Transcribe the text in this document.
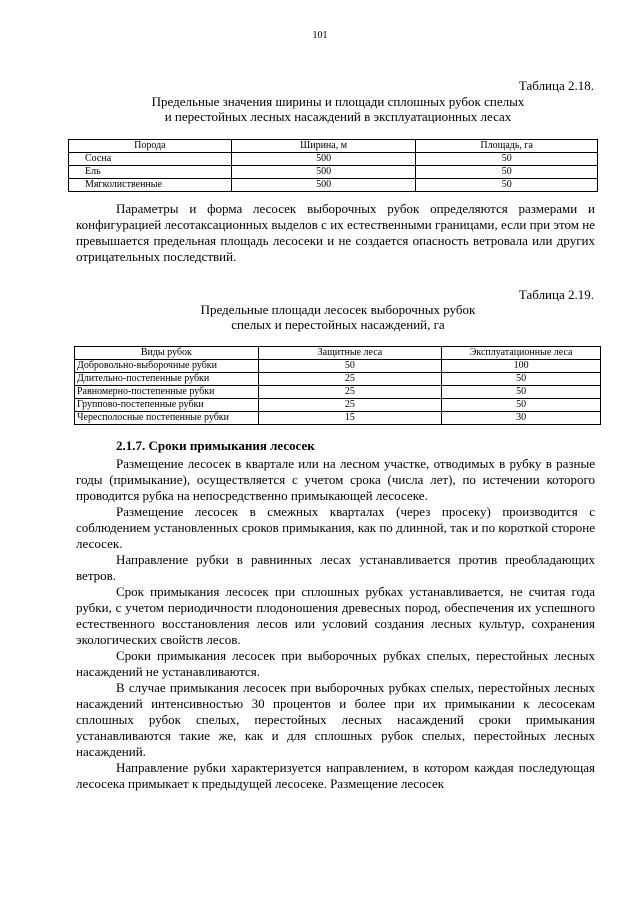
101
Таблица 2.18.
Предельные значения ширины и площади сплошных рубок спелых
и перестойных лесных насаждений в эксплуатационных лесах
Порода	Ширина, м	Площадь, га
Сосна	500	50
Ель	500	50
Мягколиственные	500	50

Параметры и форма лесосек выборочных рубок определяются размерами и конфигурацией лесотаксационных выделов с их естественными границами, если при этом не превышается предельная площадь лесосеки и не создается опасность ветровала или других отрицательных последствий.

Таблица 2.19.
Предельные площади лесосек выборочных рубок
спелых и перестойных насаждений, га
Виды рубок	Защитные леса	Эксплуатационные леса
Добровольно-выборочные рубки	50	100
Длительно-постепенные рубки	25	50
Равномерно-постепенные рубки	25	50
Группово-постепенные рубки	25	50
Чересполосные постепенные рубки	15	30
2.1.7. Сроки примыкания лесосек

Размещение лесосек в квартале или на лесном участке, отводимых в рубку в разные годы (примыкание), осуществляется с учетом срока (числа лет), по истечении которого проводится рубка на непосредственно примыкающей лесосеке.

Размещение лесосек в смежных кварталах (через просеку) производится с соблюдением установленных сроков примыкания, как по длинной, так и по короткой стороне лесосек.

Направление рубки в равнинных лесах устанавливается против преобладающих ветров.

Срок примыкания лесосек при сплошных рубках устанавливается, не считая года рубки, с учетом периодичности плодоношения древесных пород, обеспечения их успешного естественного восстановления лесов или условий создания лесных культур, сохранения экологических свойств лесов.

Сроки примыкания лесосек при выборочных рубках спелых, перестойных лесных насаждений не устанавливаются.

В случае примыкания лесосек при выборочных рубках спелых, перестойных лесных насаждений интенсивностью 30 процентов и более при их примыкании к лесосекам сплошных рубок спелых, перестойных лесных насаждений сроки примыкания устанавливаются такие же, как и для сплошных рубок спелых, перестойных лесных насаждений.

Направление рубки характеризуется направлением, в котором каждая последующая лесосека примыкает к предыдущей лесосеке. Размещение лесосек
